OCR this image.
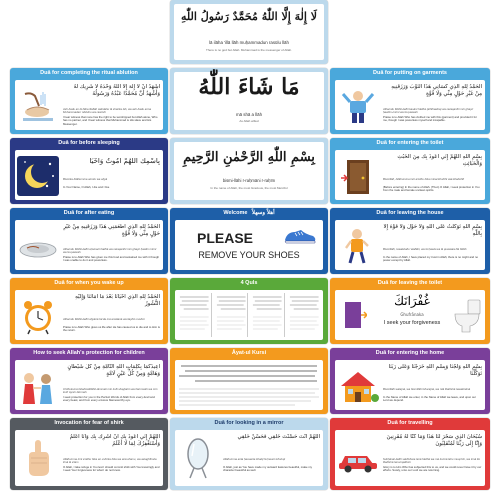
لَا إِلٰهَ إِلَّا اللّٰهُ مُحَمَّدٌ رَسُولُ اللّٰهِ
lā ilāha 'illā llāh muḥammadun rasūlu llāh
There is no god but Allah. Muhammad is the messenger of Allah.
Duā for completing the ritual ablution
أَشْهَدُ أَنْ لَا إِلٰهَ إِلَّا اللّٰهُ وَحْدَهُ لَا شَرِيكَ لَهُ وَأَشْهَدُ أَنَّ مُحَمَّدًا عَبْدُهُ وَرَسُولُهُ
Ash-hadu an lā ilāha illallāh wahdahu lā sharīka lah, wa ash-hadu anna Muhammadan 'abduhu wa rasūluh
I bear witness that none has the right to be worshipped but Allah alone, Who has no partner, and I bear witness that Muhammad is His slave and His Messenger.
مَا شَاءَ اللّٰهُ
mā shā a llāh
As Allah willed
Duā for putting on garments
الْحَمْدُ لِلَّهِ الَّذِي كَسَانِي هَذَا الثَّوْبَ وَرَزَقَنِيهِ مِنْ غَيْرِ حَوْلٍ مِنِّي وَلَا قُوَّةٍ
Alhamdu lillāhil-ladhī kasānī hādhā (aththawba) wa razaqanīhi min ghayri ḥawlim-minnī wa lā quwwah
Praise is to Allah Who has clothed me with this (garment) and provided it for me, though I was powerless myself and incapable.
Duā for before sleeping
بِاسْمِكَ اللَّهُمَّ أَمُوتُ وَأَحْيَا
Bismika Allāhumma amūtu wa aḥyā
In Your Name, O Allah, I die and I live
بِسْمِ اللّٰهِ الرَّحْمٰنِ الرَّحِيمِ
bismi-llāhi r-raḥmāni r-raḥīm
In the name of Allah, the most Gracious, the most Merciful
Duā for entering the toilet
بِسْمِ اللّٰهِ اللَّهُمَّ إِنِّي أَعُوذُ بِكَ مِنَ الْخُبُثِ وَالْخَبَائِثِ
Bismillāh, Allāhumma innī a'ūdhu bika minal-khubthi wal-khabā'ith
(Before entering) In the name of Allah. (Then) O Allah, I seek protection in You from the male and female unclean spirits.
Duā for after eating
الْحَمْدُ لِلَّهِ الَّذِي أَطْعَمَنِي هَذَا وَرَزَقَنِيهِ مِنْ غَيْرِ حَوْلٍ مِنِّي وَلَا قُوَّةٍ
Alhamdu lillāhil-ladhī aṭ'amanī hādhā wa razaqanīhi min ghayri ḥawlin minnī wa lā quwwah
Praise is to Allah Who has given me this food and sustained me with it though I was unable to do it and powerless.
Welcome أهلاً وسهلاً
PLEASE
REMOVE YOUR SHOES
Duā for leaving the house
بِسْمِ اللّٰهِ تَوَكَّلْتُ عَلَى اللّٰهِ وَلَا حَوْلَ وَلَا قُوَّةَ إِلَّا بِاللّٰهِ
Bismillāhi, tawakkaltu 'alallāhi, wa lā ḥawla wa lā quwwata illā billāh
In the name of Allah, I have placed my trust in Allah; there is no might and no power except by Allah.
Duā for when you wake up
الْحَمْدُ لِلَّهِ الَّذِي أَحْيَانَا بَعْدَ مَا أَمَاتَنَا وَإِلَيْهِ النُّشُورُ
Alhamdu lillāhil-ladhī aḥyānā ba'da mā amātanā wa ilayhin-nushūr
Praise is to Allah Who gives us life after He has caused us to die and to Him is the return.
4 Quls	Duā for leaving the toilet
غُفْرَانَكَ
Ghufrānaka
I seek your forgiveness
How to seek Allah's protection for children
أُعِيذُكُمَا بِكَلِمَاتِ اللّٰهِ التَّامَّةِ مِنْ كُلِّ شَيْطَانٍ وَهَامَّةٍ وَمِنْ كُلِّ عَيْنٍ لَامَّةٍ
U'īdhukumā bikalimātillāhit-tāmmati min kulli shayṭānin wa hāmmatin wa min kulli 'aynin lāmmah
I seek protection for you in the Perfect Words of Allah from every devil and every beast, and from every envious blameworthy eye.
Āyat-ul Kursi	Duā for entering the home
بِسْمِ اللّٰهِ وَلَجْنَا وَبِسْمِ اللّٰهِ خَرَجْنَا وَعَلَى رَبِّنَا تَوَكَّلْنَا
Bismillāhi walajnā, wa bismillāhi kharajnā, wa 'alā Rabbinā tawakkalnā
In the Name of Allah we enter, in the Name of Allah we leave, and upon our Lord we depend.
Invocation for fear of shirk
اللَّهُمَّ إِنِّي أَعُوذُ بِكَ أَنْ أُشْرِكَ بِكَ وَأَنَا أَعْلَمُ وَأَسْتَغْفِرُكَ لِمَا لَا أَعْلَمُ
Allāhumma innī a'ūdhu bika an ushrika bika wa anā a'lamu, wa astaghfiruka limā lā a'lam
O Allah, I take refuge in You lest I should commit shirk with You knowingly and I seek Your forgiveness for what I do not know.
Duā for looking in a mirror
اللَّهُمَّ أَنْتَ حَسَّنْتَ خَلْقِي فَحَسِّنْ خُلُقِي
Allāhumma anta ḥassanta khalqī fa ḥassin khuluqī
O Allah, just as You have made my outward features beautiful, make my character beautiful as well.
Duā for travelling
سُبْحَانَ الَّذِي سَخَّرَ لَنَا هَذَا وَمَا كُنَّا لَهُ مُقْرِنِينَ وَإِنَّا إِلَى رَبِّنَا لَمُنْقَلِبُونَ
Subḥānal-ladhī sakhkhara lanā hādhā wa mā kunnā lahu muqrinīn, wa innā ilā Rabbinā lamunqalibūn
Glory is to Him Who has subjected this to us, and we could never have it by our efforts. Surely, unto our Lord we are returning.
